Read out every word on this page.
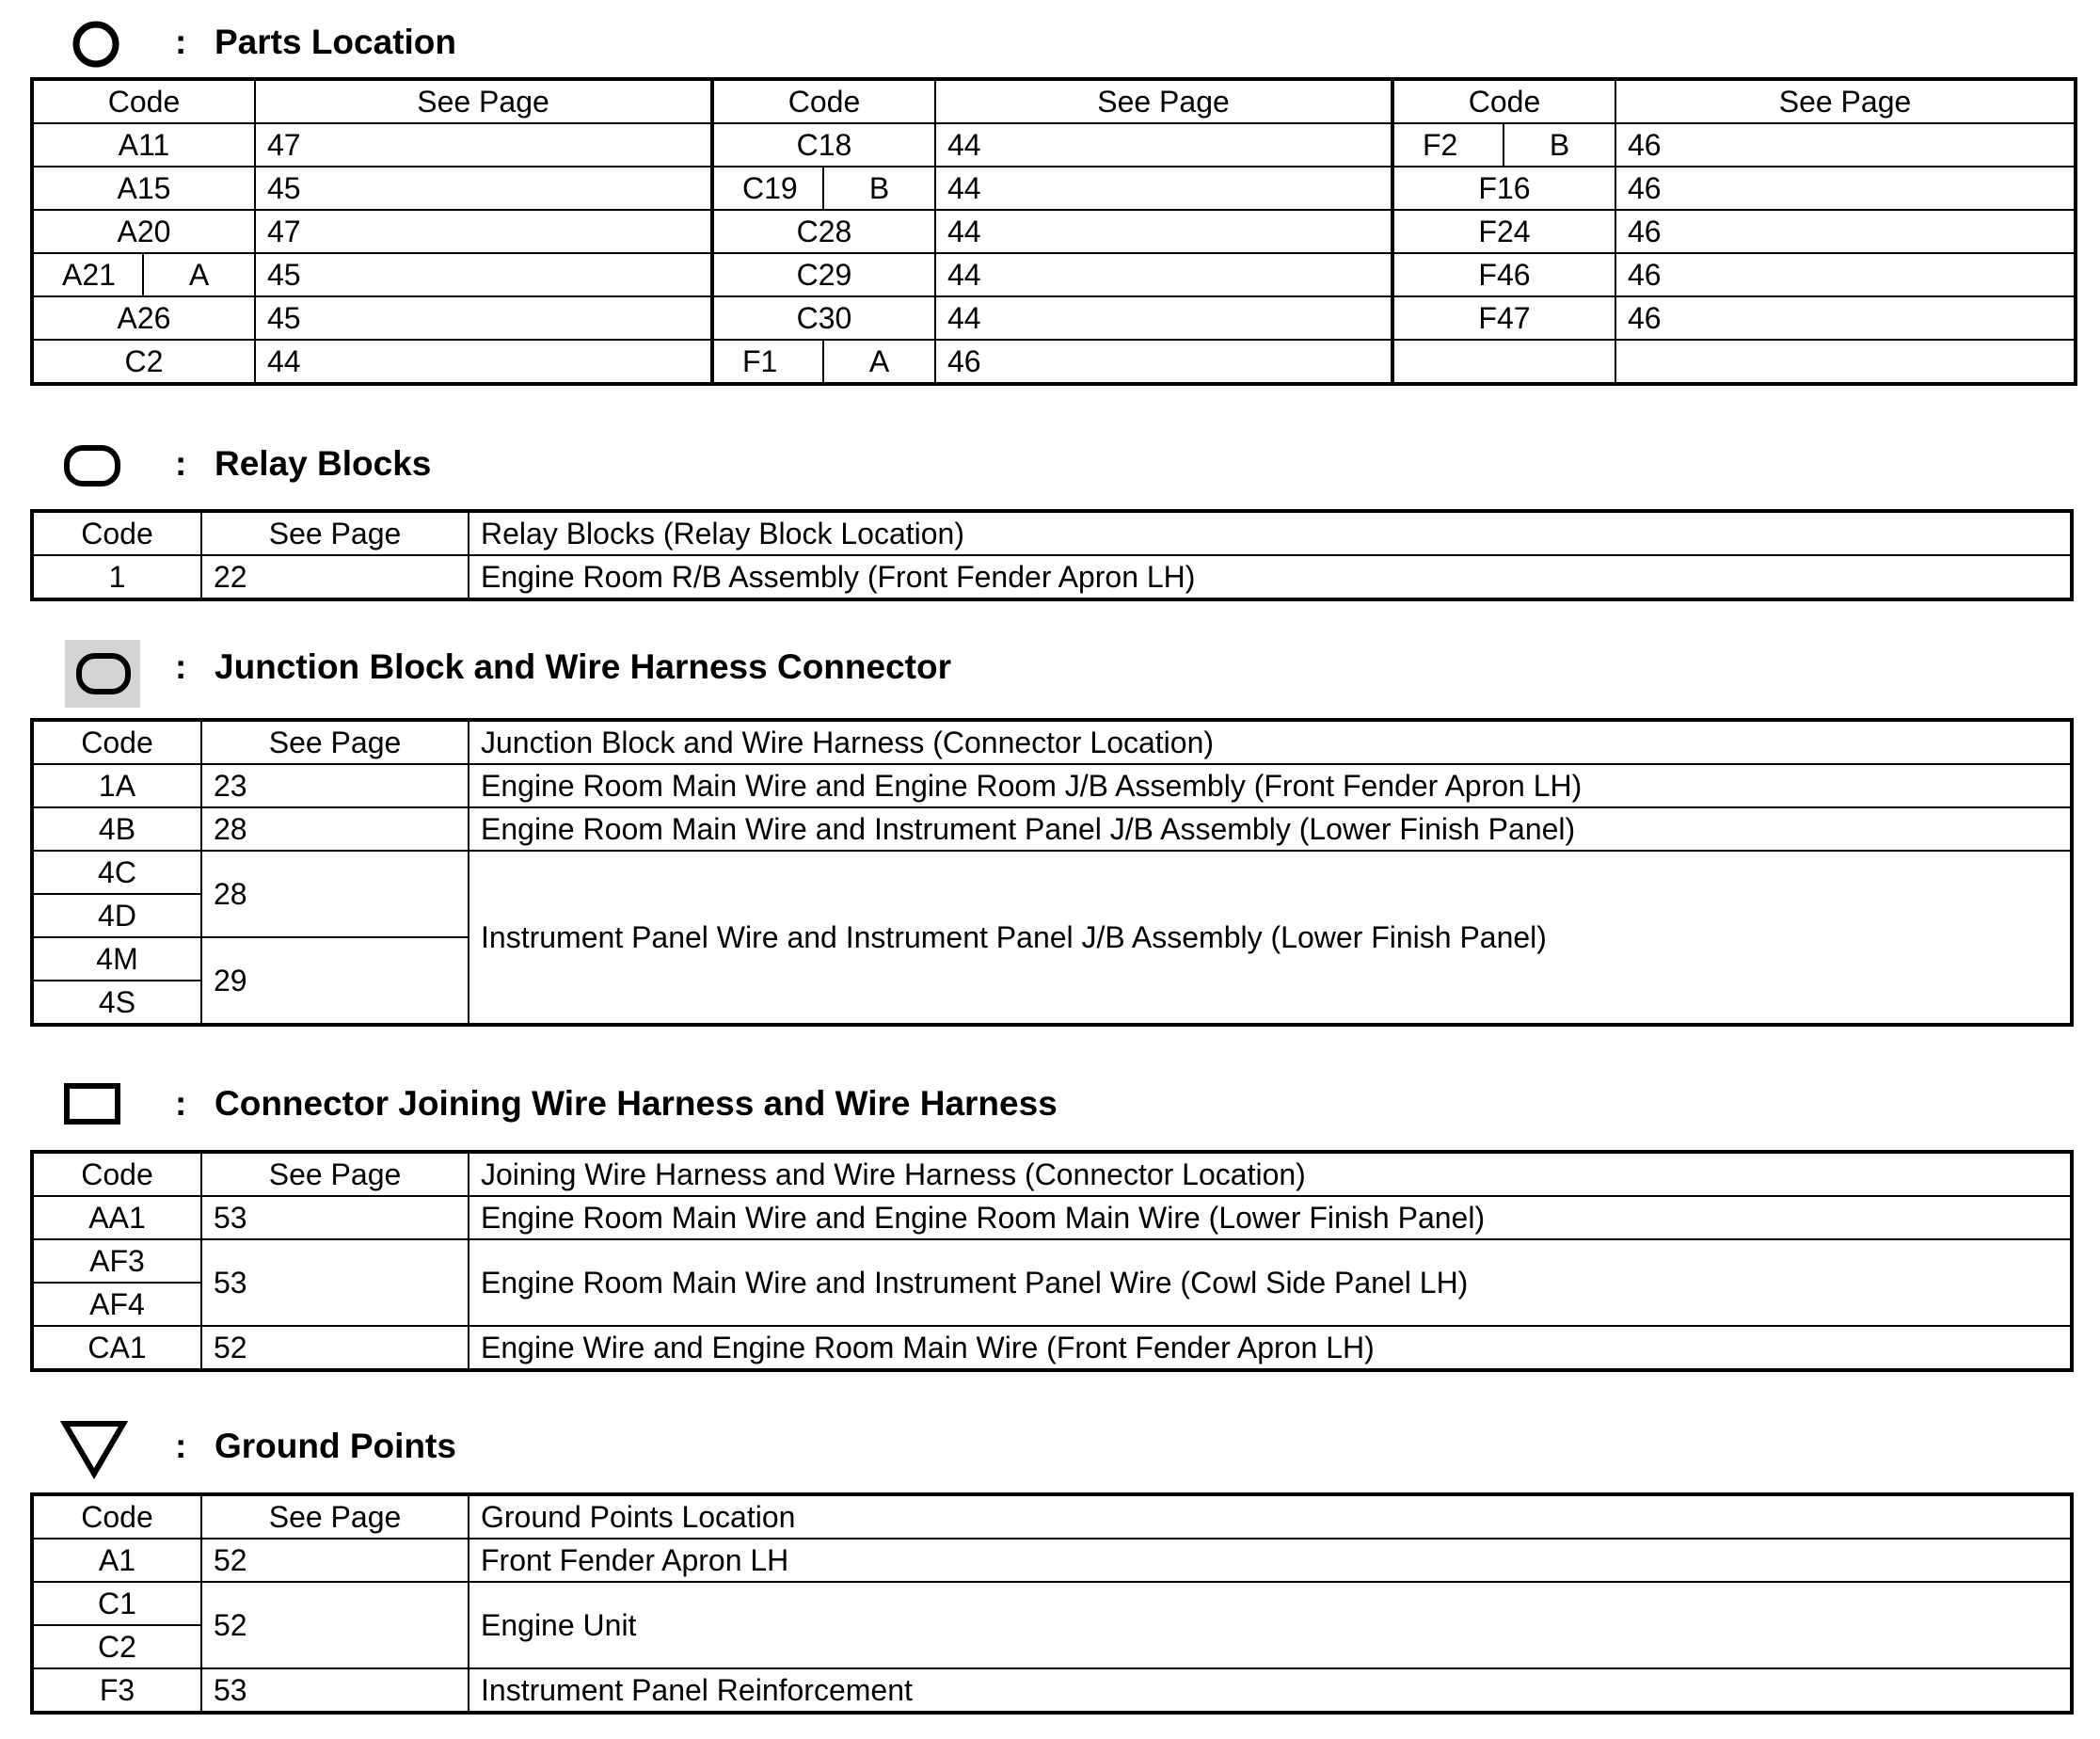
: Parts Location
Code		See Page	Code		See Page	Code		See Page
A11		47	C18		44	F2	B	46
A15		45	C19	B	44	F16		46
A20		47	C28		44	F24		46
A21	A	45	C29		44	F46		46
A26		45	C30		44	F47		46
C2		44	F1	A	46			
: Relay Blocks
Code	See Page	Relay Blocks (Relay Block Location)
1	22	Engine Room R/B Assembly (Front Fender Apron LH)
: Junction Block and Wire Harness Connector
Code	See Page	Junction Block and Wire Harness (Connector Location)
1A	23	Engine Room Main Wire and Engine Room J/B Assembly (Front Fender Apron LH)
4B	28	Engine Room Main Wire and Instrument Panel J/B Assembly (Lower Finish Panel)
4C	28	Instrument Panel Wire and Instrument Panel J/B Assembly (Lower Finish Panel)
4D		
4M	29	
4S		
: Connector Joining Wire Harness and Wire Harness
Code	See Page	Joining Wire Harness and Wire Harness (Connector Location)
AA1	53	Engine Room Main Wire and Engine Room Main Wire (Lower Finish Panel)
AF3	53	Engine Room Main Wire and Instrument Panel Wire (Cowl Side Panel LH)
AF4		
CA1	52	Engine Wire and Engine Room Main Wire (Front Fender Apron LH)
: Ground Points
Code	See Page	Ground Points Location
A1	52	Front Fender Apron LH
C1	52	Engine Unit
C2		
F3	53	Instrument Panel Reinforcement
